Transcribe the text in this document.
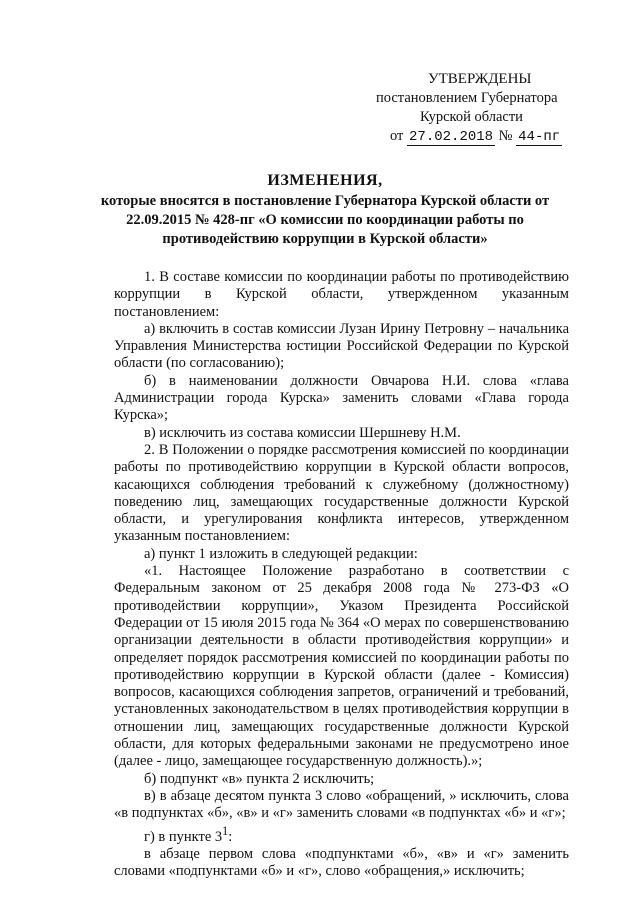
УТВЕРЖДЕНЫ
постановлением Губернатора
Курской области
от 27.02.2018 № 44-пг
ИЗМЕНЕНИЯ,
которые вносятся в постановление Губернатора Курской области от 22.09.2015 № 428-пг «О комиссии по координации работы по противодействию коррупции в Курской области»

1. В составе комиссии по координации работы по противодействию коррупции в Курской области, утвержденном указанным постановлением:

а) включить в состав комиссии Лузан Ирину Петровну – начальника Управления Министерства юстиции Российской Федерации по Курской области (по согласованию);

б) в наименовании должности Овчарова Н.И. слова «глава Администрации города Курска» заменить словами «Глава города Курска»;

в) исключить из состава комиссии Шершневу Н.М.

2. В Положении о порядке рассмотрения комиссией по координации работы по противодействию коррупции в Курской области вопросов, касающихся соблюдения требований к служебному (должностному) поведению лиц, замещающих государственные должности Курской области, и урегулирования конфликта интересов, утвержденном указанным постановлением:

а) пункт 1 изложить в следующей редакции:

«1. Настоящее Положение разработано в соответствии с Федеральным законом от 25 декабря 2008 года № 273-ФЗ «О противодействии коррупции», Указом Президента Российской Федерации от 15 июля 2015 года № 364 «О мерах по совершенствованию организации деятельности в области противодействия коррупции» и определяет порядок рассмотрения комиссией по координации работы по противодействию коррупции в Курской области (далее - Комиссия) вопросов, касающихся соблюдения запретов, ограничений и требований, установленных законодательством в целях противодействия коррупции в отношении лиц, замещающих государственные должности Курской области, для которых федеральными законами не предусмотрено иное (далее - лицо, замещающее государственную должность).»;

б) подпункт «в» пункта 2 исключить;

в) в абзаце десятом пункта 3 слово «обращений, » исключить, слова «в подпунктах «б», «в» и «г» заменить словами «в подпунктах «б» и «г»;

г) в пункте $3^1$:

в абзаце первом слова «подпунктами «б», «в» и «г» заменить словами «подпунктами «б» и «г», слово «обращения,» исключить;
